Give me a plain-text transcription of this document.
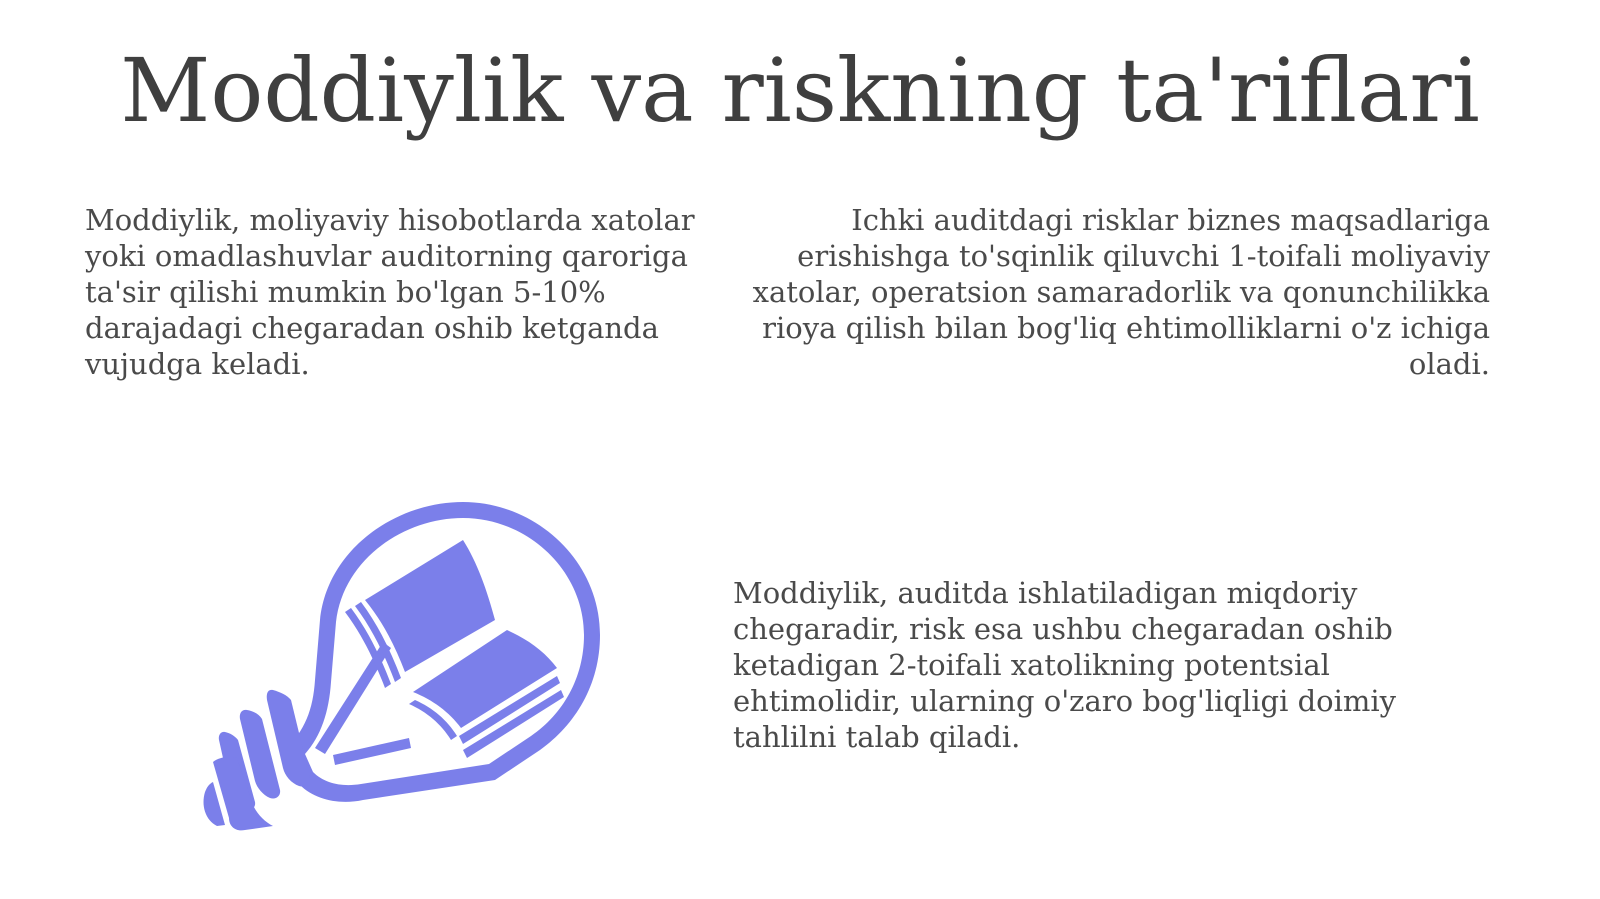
Moddiylik va riskning ta'riflari

Moddiylik, moliyaviy hisobotlarda xatolar yoki omadlashuvlar auditorning qaroriga ta'sir qilishi mumkin bo'lgan 5-10% darajadagi chegaradan oshib ketganda vujudga keladi.

Ichki auditdagi risklar biznes maqsadlariga erishishga to'sqinlik qiluvchi 1-toifali moliyaviy xatolar, operatsion samaradorlik va qonunchilikka rioya qilish bilan bog'liq ehtimolliklarni o'z ichiga oladi.

Moddiylik, auditda ishlatiladigan miqdoriy chegaradir, risk esa ushbu chegaradan oshib ketadigan 2-toifali xatolikning potentsial ehtimolidir, ularning o'zaro bog'liqligi doimiy tahlilni talab qiladi.
